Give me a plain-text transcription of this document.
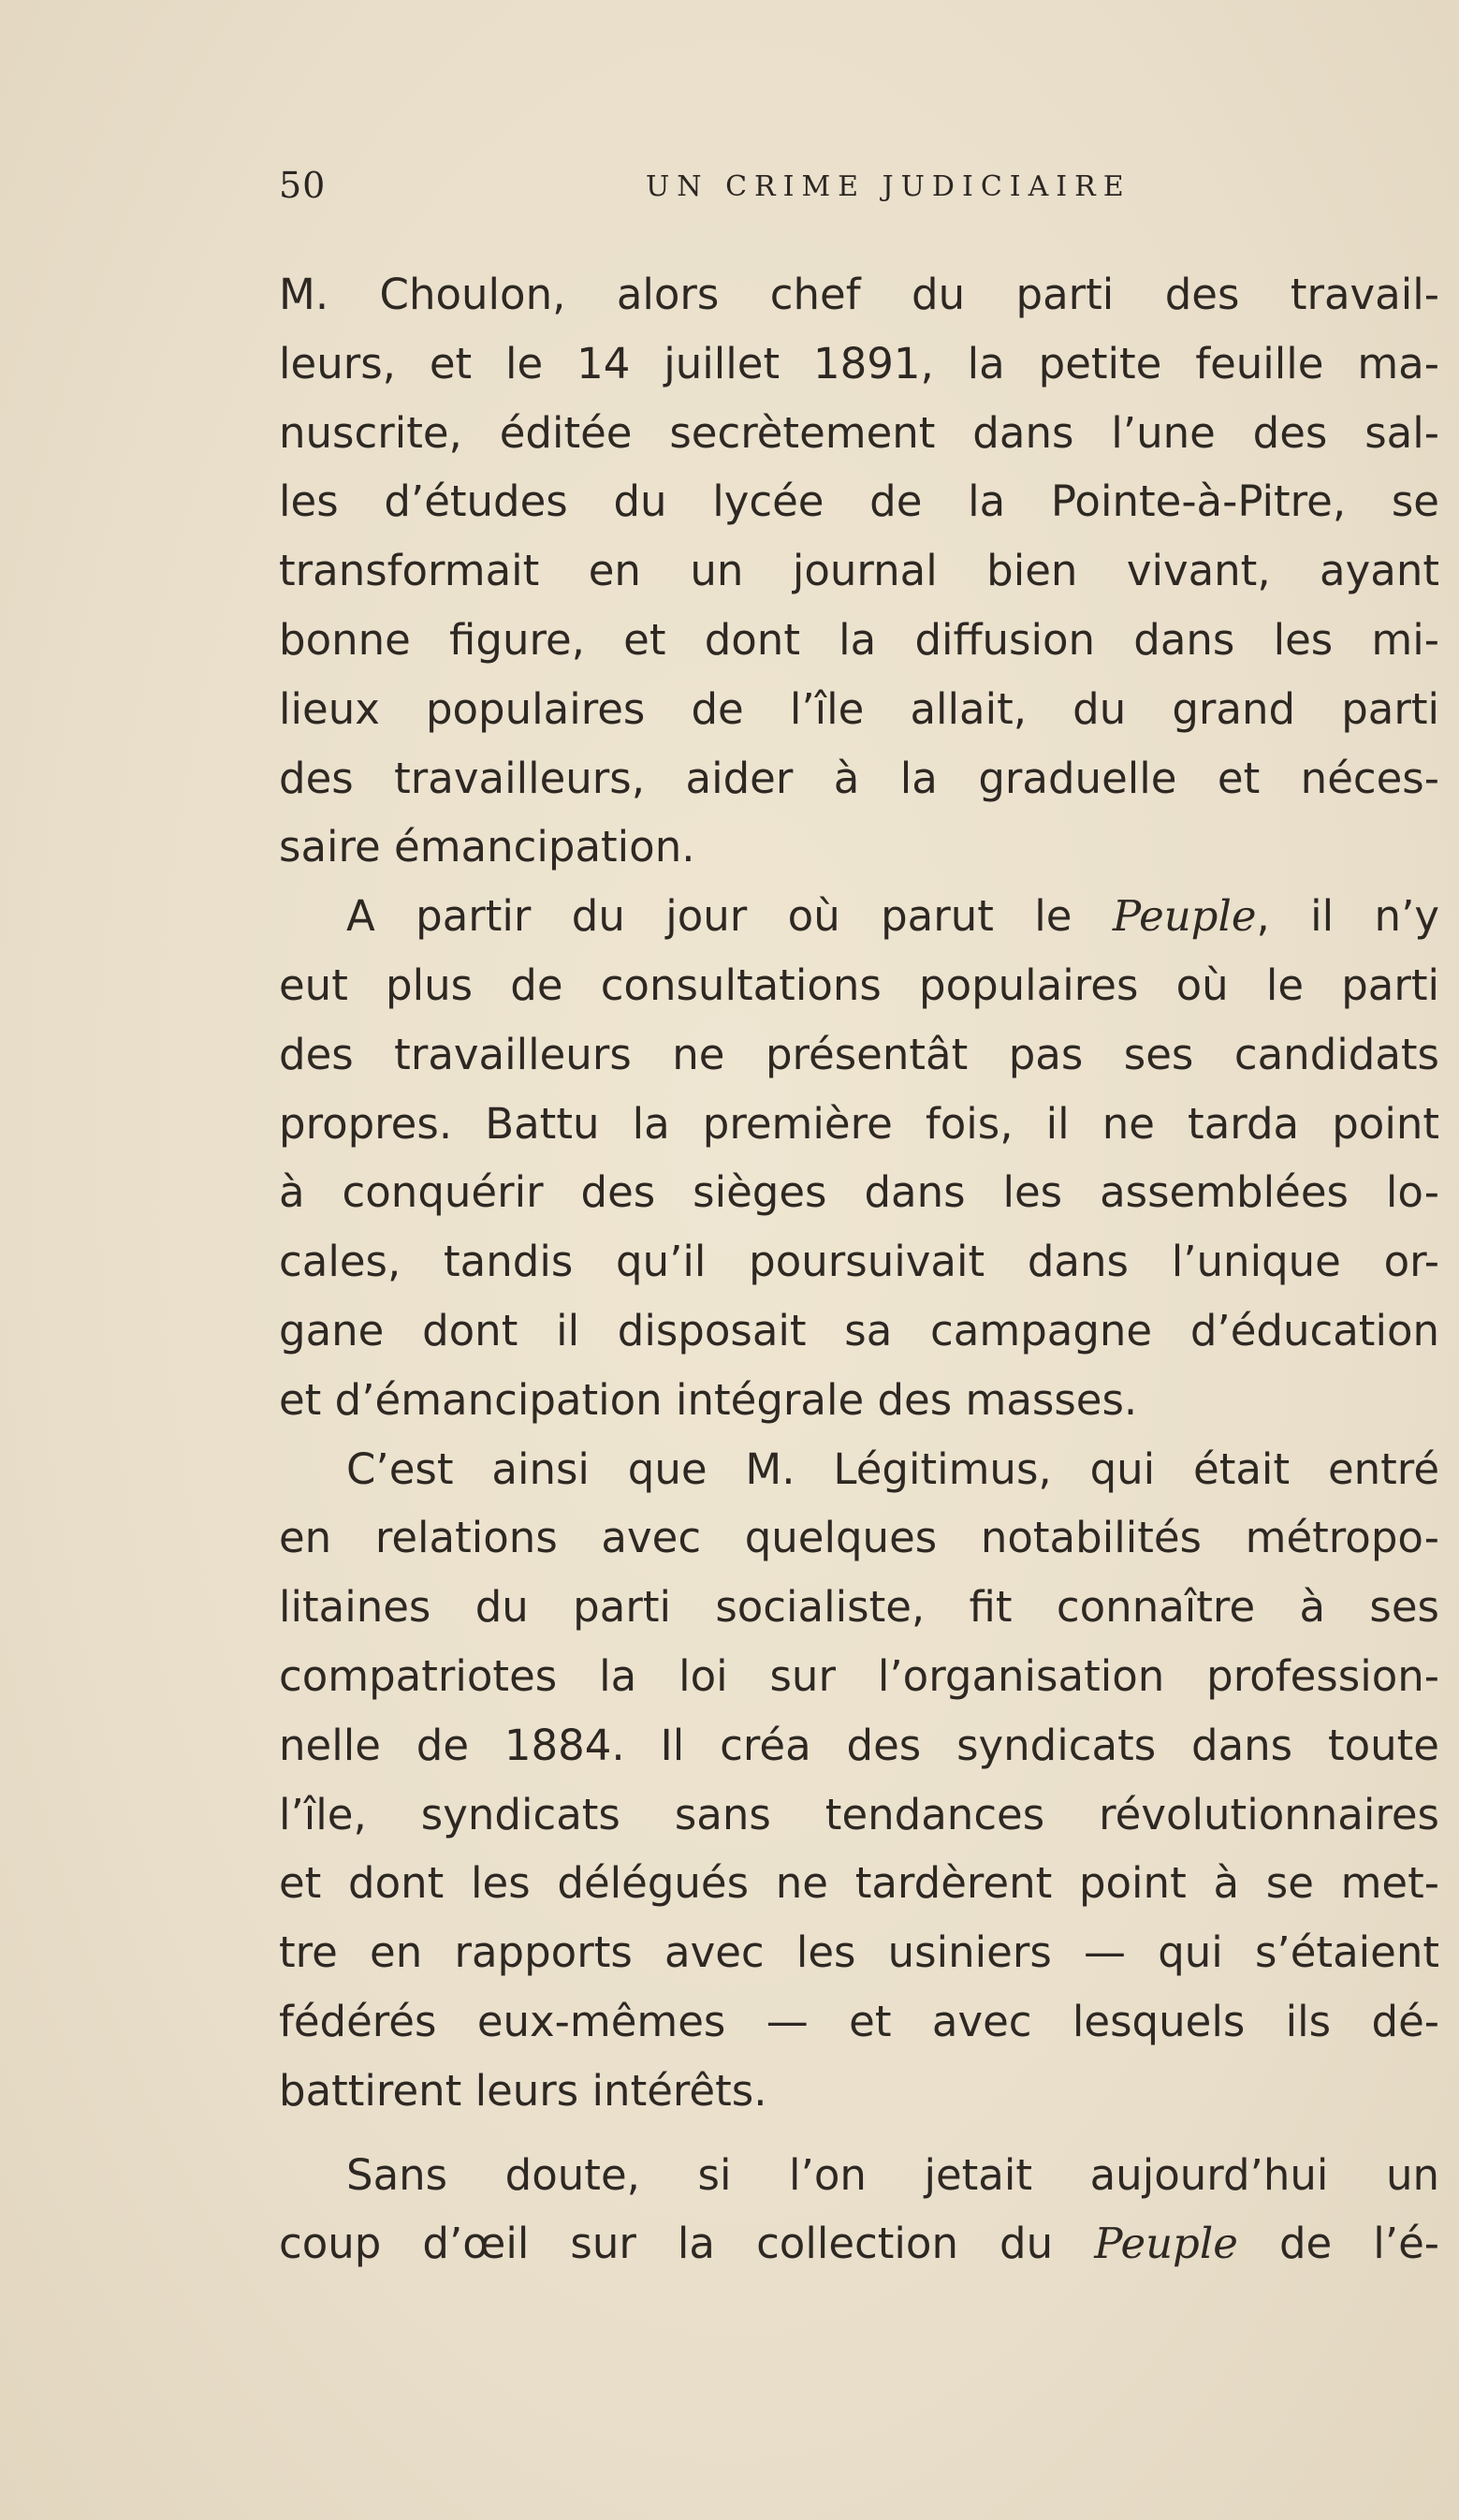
50	UN CRIME JUDICIAIRE

M. Choulon, alors chef du parti des travail-
leurs, et le 14 juillet 1891, la petite feuille ma-
nuscrite, éditée secrètement dans l’une des sal-
les d’études du lycée de la Pointe-à-Pitre, se
transformait en un journal bien vivant, ayant
bonne figure, et dont la diffusion dans les mi-
lieux populaires de l’île allait, du grand parti
des travailleurs, aider à la graduelle et néces-
saire émancipation.

A partir du jour où parut le Peuple, il n’y
eut plus de consultations populaires où le parti
des travailleurs ne présentât pas ses candidats
propres. Battu la première fois, il ne tarda point
à conquérir des sièges dans les assemblées lo-
cales, tandis qu’il poursuivait dans l’unique or-
gane dont il disposait sa campagne d’éducation
et d’émancipation intégrale des masses.

C’est ainsi que M. Légitimus, qui était entré
en relations avec quelques notabilités métropo-
litaines du parti socialiste, fit connaître à ses
compatriotes la loi sur l’organisation profession-
nelle de 1884. Il créa des syndicats dans toute
l’île, syndicats sans tendances révolutionnaires
et dont les délégués ne tardèrent point à se met-
tre en rapports avec les usiniers — qui s’étaient
fédérés eux-mêmes — et avec lesquels ils dé-
battirent leurs intérêts.

Sans doute, si l’on jetait aujourd’hui un
coup d’œil sur la collection du Peuple de l’é-
